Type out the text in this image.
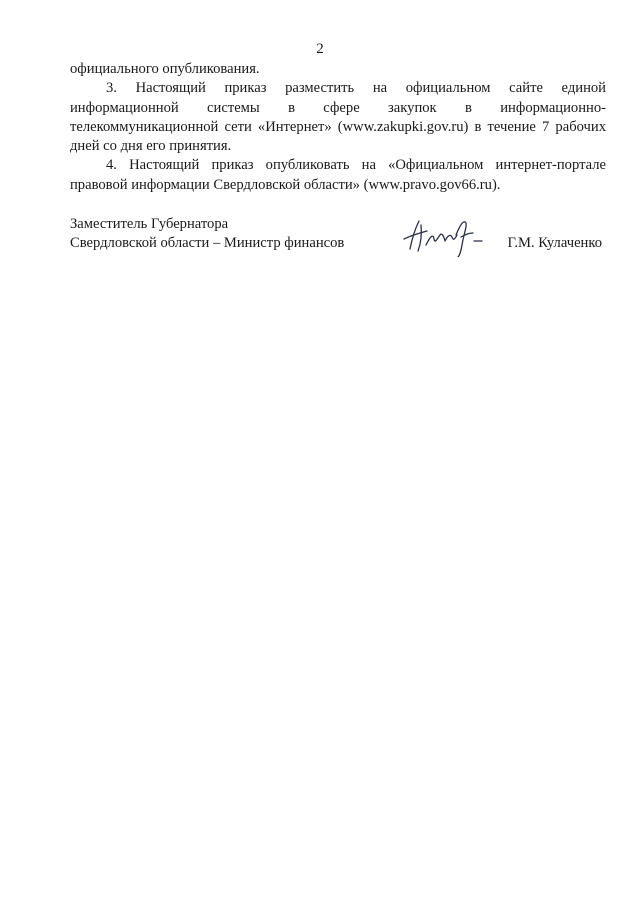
2

официального опубликования.

3. Настоящий приказ разместить на официальном сайте единой информационной системы в сфере закупок в информационно-телекоммуникационной сети «Интернет» (www.zakupki.gov.ru) в течение 7 рабочих дней со дня его принятия.

4. Настоящий приказ опубликовать на «Официальном интернет-портале правовой информации Свердловской области» (www.pravo.gov66.ru).

Заместитель Губернатора
Свердловской области – Министр финансов	Г.М. Кулаченко
